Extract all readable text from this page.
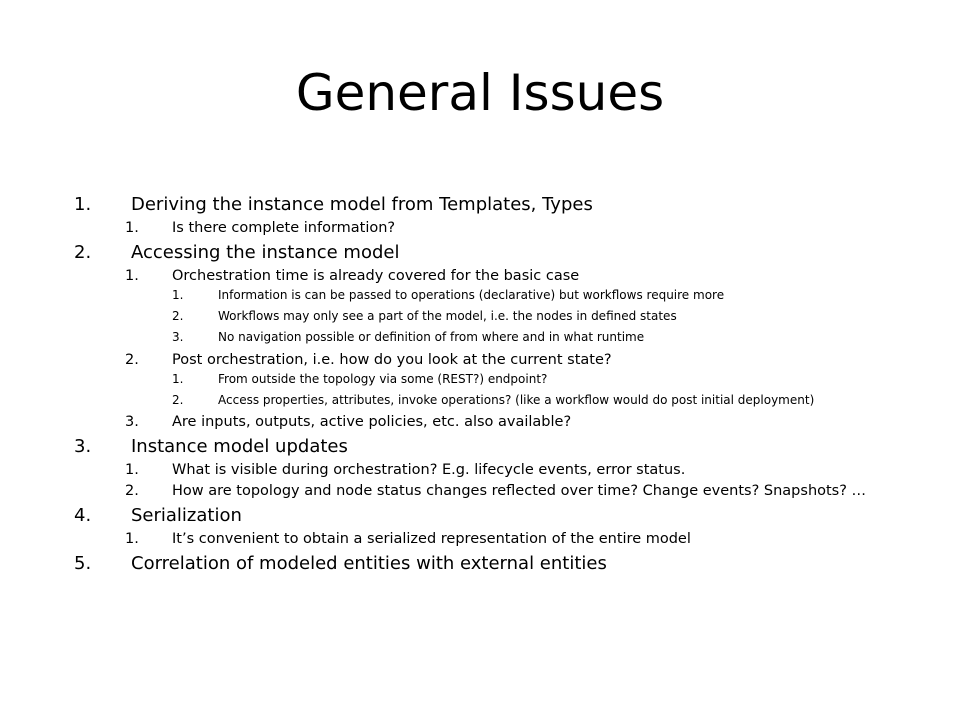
General Issues
1. Deriving the instance model from Templates, Types
1. Is there complete information?
2. Accessing the instance model
1. Orchestration time is already covered for the basic case
1.	Information is can be passed to operations (declarative) but workflows require more
2.	Workflows may only see a part of the model, i.e. the nodes in defined states
3.	No navigation possible or definition of from where and in what runtime
2. Post orchestration, i.e. how do you look at the current state?
1.	From outside the topology via some (REST?) endpoint?
2.	Access properties, attributes, invoke operations? (like a workflow would do post initial deployment)
3. Are inputs, outputs, active policies, etc. also available?
3. Instance model updates
1. What is visible during orchestration? E.g. lifecycle events, error status.
2. How are topology and node status changes reflected over time? Change events? Snapshots? …
4. Serialization
1. It’s convenient to obtain a serialized representation of the entire model
5. Correlation of modeled entities with external entities
